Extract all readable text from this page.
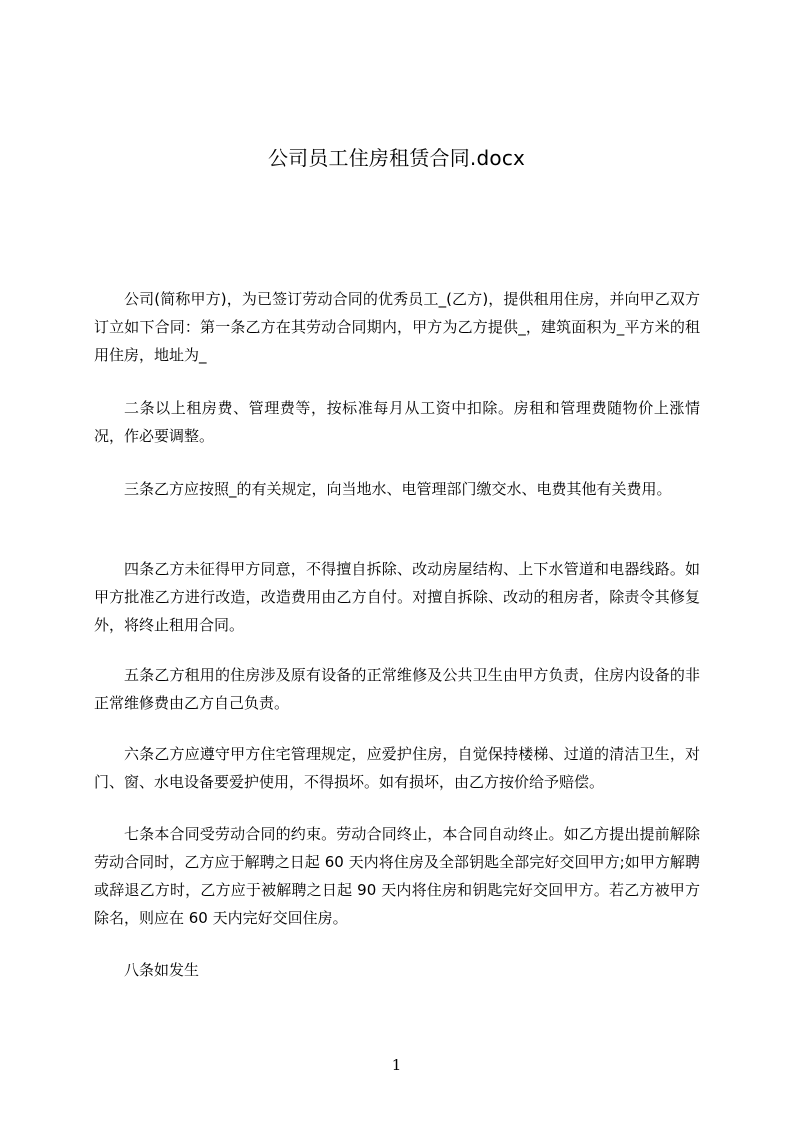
公司员工住房租赁合同.docx

公司(简称甲方)，为已签订劳动合同的优秀员工_(乙方)，提供租用住房，并向甲乙双方订立如下合同：第一条乙方在其劳动合同期内，甲方为乙方提供_，建筑面积为_平方米的租用住房，地址为_

二条以上租房费、管理费等，按标准每月从工资中扣除。房租和管理费随物价上涨情况，作必要调整。

三条乙方应按照_的有关规定，向当地水、电管理部门缴交水、电费其他有关费用。

四条乙方未征得甲方同意，不得擅自拆除、改动房屋结构、上下水管道和电器线路。如甲方批准乙方进行改造，改造费用由乙方自付。对擅自拆除、改动的租房者，除责令其修复外，将终止租用合同。

五条乙方租用的住房涉及原有设备的正常维修及公共卫生由甲方负责，住房内设备的非正常维修费由乙方自己负责。

六条乙方应遵守甲方住宅管理规定，应爱护住房，自觉保持楼梯、过道的清洁卫生，对门、窗、水电设备要爱护使用，不得损坏。如有损坏，由乙方按价给予赔偿。

七条本合同受劳动合同的约束。劳动合同终止，本合同自动终止。如乙方提出提前解除劳动合同时，乙方应于解聘之日起 60 天内将住房及全部钥匙全部完好交回甲方;如甲方解聘或辞退乙方时，乙方应于被解聘之日起 90 天内将住房和钥匙完好交回甲方。若乙方被甲方除名，则应在 60 天内完好交回住房。

八条如发生

1
